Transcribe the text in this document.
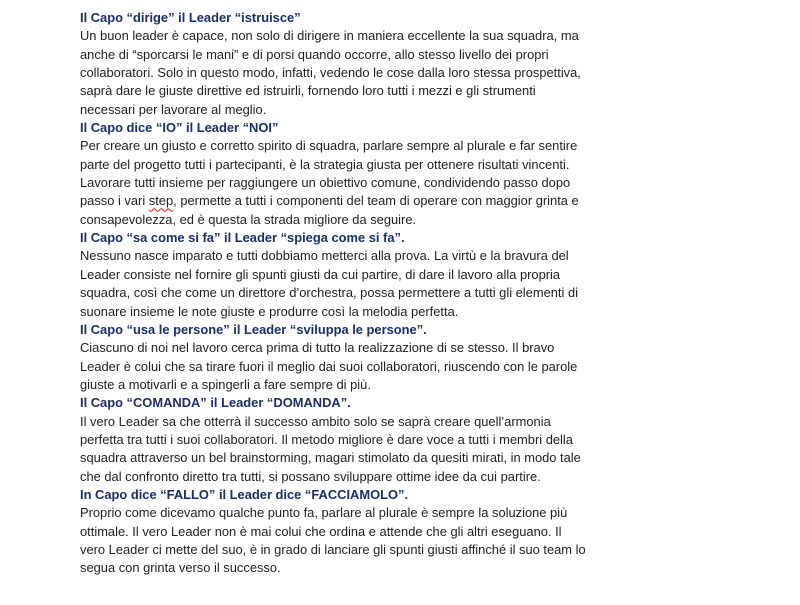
Il Capo “dirige” il Leader “istruisce”

Un buon leader è capace, non solo di dirigere in maniera eccellente la sua squadra, ma

anche di “sporcarsi le mani” e di porsi quando occorre, allo stesso livello dei propri

collaboratori. Solo in questo modo, infatti, vedendo le cose dalla loro stessa prospettiva,

saprà dare le giuste direttive ed istruirli, fornendo loro tutti i mezzi e gli strumenti

necessari per lavorare al meglio.

Il Capo dice “IO” il Leader “NOI”

Per creare un giusto e corretto spirito di squadra, parlare sempre al plurale e far sentire

parte del progetto tutti i partecipanti, è la strategia giusta per ottenere risultati vincenti.

Lavorare tutti insieme per raggiungere un obiettivo comune, condividendo passo dopo

passo i vari step, permette a tutti i componenti del team di operare con maggior grinta e

consapevolezza, ed è questa la strada migliore da seguire.

Il Capo “sa come si fa” il Leader “spiega come si fa”.

Nessuno nasce imparato e tutti dobbiamo metterci alla prova. La virtù e la bravura del

Leader consiste nel fornire gli spunti giusti da cui partire, di dare il lavoro alla propria

squadra, così che come un direttore d’orchestra, possa permettere a tutti gli elementi di

suonare insieme le note giuste e produrre così la melodia perfetta.

Il Capo “usa le persone” il Leader “sviluppa le persone”.

Ciascuno di noi nel lavoro cerca prima di tutto la realizzazione di se stesso. Il bravo

Leader è colui che sa tirare fuori il meglio dai suoi collaboratori, riuscendo con le parole

giuste a motivarli e a spingerli a fare sempre di più.

Il Capo “COMANDA” il Leader “DOMANDA”.

Il vero Leader sa che otterrà il successo ambito solo se saprà creare quell’armonia

perfetta tra tutti i suoi collaboratori. Il metodo migliore è dare voce a tutti i membri della

squadra attraverso un bel brainstorming, magari stimolato da quesiti mirati, in modo tale

che dal confronto diretto tra tutti, si possano sviluppare ottime idee da cui partire.

In Capo dice “FALLO” il Leader dice “FACCIAMOLO”.

Proprio come dicevamo qualche punto fa, parlare al plurale è sempre la soluzione più

ottimale. Il vero Leader non è mai colui che ordina e attende che gli altri eseguano. Il

vero Leader ci mette del suo, è in grado di lanciare gli spunti giusti affinché il suo team lo

segua con grinta verso il successo.
